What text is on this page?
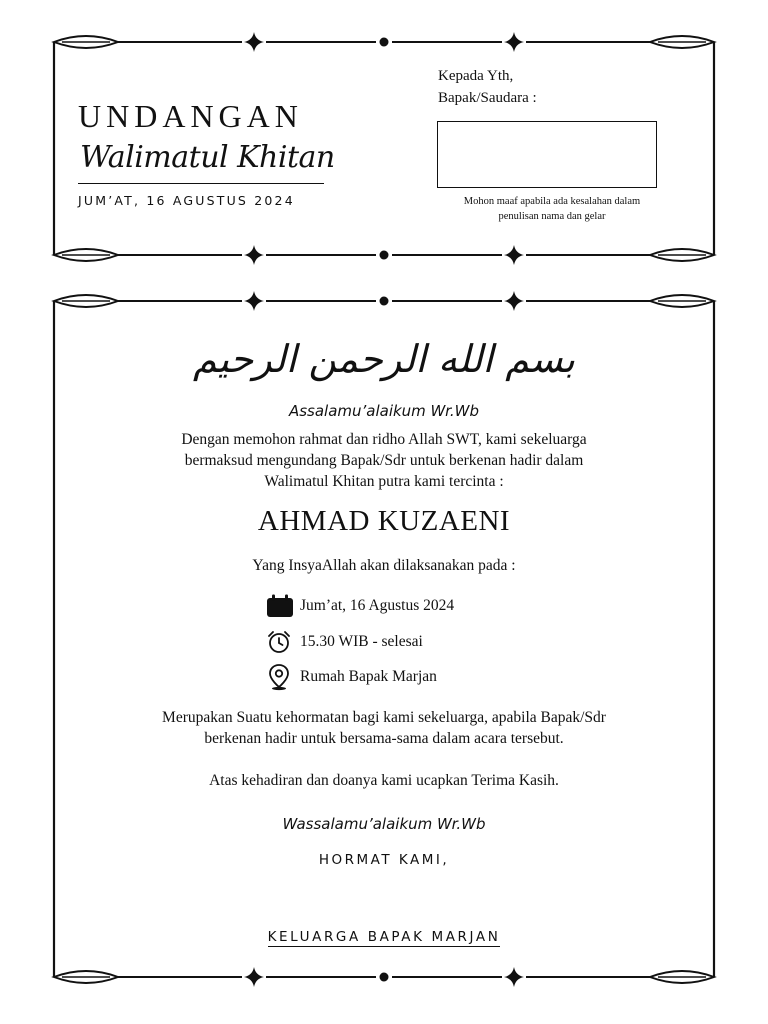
UNDANGAN
Walimatul Khitan
JUM’AT, 16 AGUSTUS 2024
Kepada Yth,
Bapak/Saudara :
Mohon maaf apabila ada kesalahan dalam
penulisan nama dan gelar
بسم الله الرحمن الرحيم
Assalamu’alaikum Wr.Wb
Dengan memohon rahmat dan ridho Allah SWT, kami sekeluarga
bermaksud mengundang Bapak/Sdr untuk berkenan hadir dalam
Walimatul Khitan putra kami tercinta :
AHMAD KUZAENI
Yang InsyaAllah akan dilaksanakan pada :
Jum’at, 16 Agustus 2024
15.30 WIB - selesai
Rumah Bapak Marjan
Merupakan Suatu kehormatan bagi kami sekeluarga, apabila Bapak/Sdr
berkenan hadir untuk bersama-sama dalam acara tersebut.
Atas kehadiran dan doanya kami ucapkan Terima Kasih.
Wassalamu’alaikum Wr.Wb
HORMAT KAMI,
KELUARGA BAPAK MARJAN
